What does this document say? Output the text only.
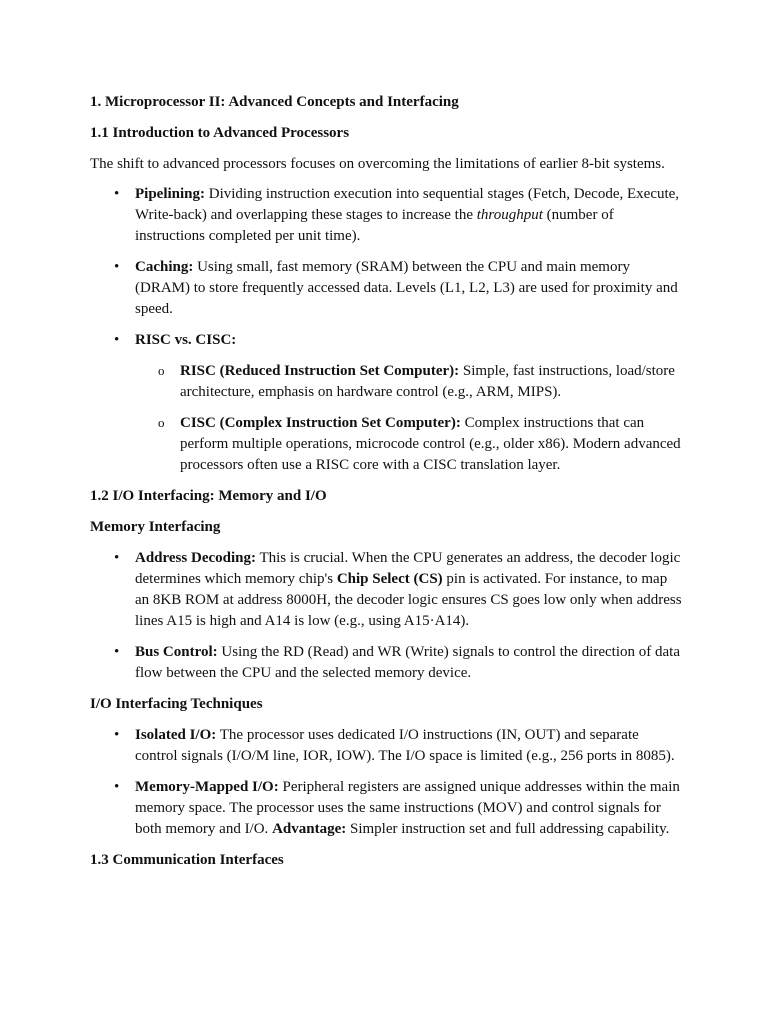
1. Microprocessor II: Advanced Concepts and Interfacing
1.1 Introduction to Advanced Processors
The shift to advanced processors focuses on overcoming the limitations of earlier 8-bit systems.
• Pipelining: Dividing instruction execution into sequential stages (Fetch, Decode, Execute, Write-back) and overlapping these stages to increase the throughput (number of instructions completed per unit time).
• Caching: Using small, fast memory (SRAM) between the CPU and main memory (DRAM) to store frequently accessed data. Levels (L1, L2, L3) are used for proximity and speed.
• RISC vs. CISC:
o RISC (Reduced Instruction Set Computer): Simple, fast instructions, load/store architecture, emphasis on hardware control (e.g., ARM, MIPS).
o CISC (Complex Instruction Set Computer): Complex instructions that can perform multiple operations, microcode control (e.g., older x86). Modern advanced processors often use a RISC core with a CISC translation layer.
1.2 I/O Interfacing: Memory and I/O
Memory Interfacing
• Address Decoding: This is crucial. When the CPU generates an address, the decoder logic determines which memory chip's Chip Select (CS) pin is activated. For instance, to map an 8KB ROM at address 8000H, the decoder logic ensures CS goes low only when address lines A15 is high and A14 is low (e.g., using A15·A14).
• Bus Control: Using the RD (Read) and WR (Write) signals to control the direction of data flow between the CPU and the selected memory device.
I/O Interfacing Techniques
• Isolated I/O: The processor uses dedicated I/O instructions (IN, OUT) and separate control signals (I/O/M line, IOR, IOW). The I/O space is limited (e.g., 256 ports in 8085).
• Memory-Mapped I/O: Peripheral registers are assigned unique addresses within the main memory space. The processor uses the same instructions (MOV) and control signals for both memory and I/O. Advantage: Simpler instruction set and full addressing capability.
1.3 Communication Interfaces
